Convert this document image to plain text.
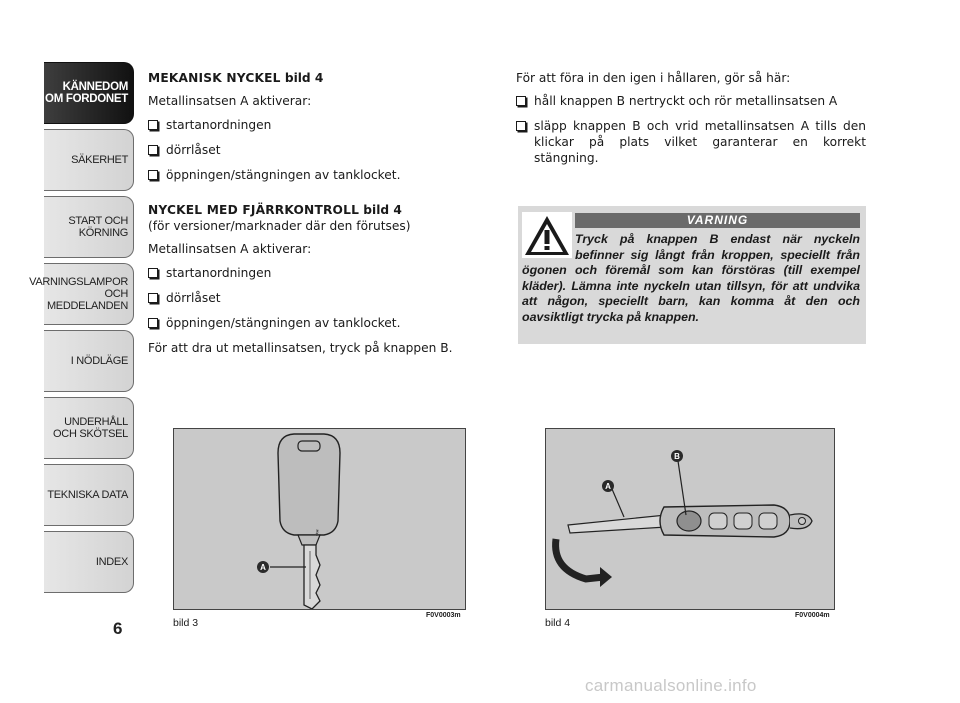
KÄNNEDOM
OM FORDONET
SÄKERHET
START OCH
KÖRNING
VARNINGSLAMPOR
OCH
MEDDELANDEN
I NÖDLÄGE
UNDERHÅLL
OCH SKÖTSEL
TEKNISKA DATA
INDEX
6

MEKANISK NYCKEL bild 4

Metallinsatsen A aktiverar:

startanordningen
dörrlåset
öppningen/stängningen av tanklocket.

NYCKEL MED FJÄRRKONTROLL bild 4

(för versioner/marknader där den förutses)

Metallinsatsen A aktiverar:

startanordningen
dörrlåset
öppningen/stängningen av tanklocket.

För att dra ut metallinsatsen, tryck på knappen B.

För att föra in den igen i hållaren, gör så här:

håll knappen B nertryckt och rör metallinsatsen A
släpp knappen B och vrid metallinsatsen A tills den klickar på plats vilket garanterar en korrekt stängning.
VARNING
Tryck på knappen B endast när nyckeln befinner sig långt från kroppen, speciellt från ögonen och föremål som kan förstöras (till exempel kläder). Lämna inte nyckeln utan tillsyn, för att undvika att någon, speciellt barn, kan komma åt den och oavsiktligt trycka på knappen.
⚷
A
bild 3
F0V0003m
A
B
bild 4
F0V0004m
carmanualsonline.info
